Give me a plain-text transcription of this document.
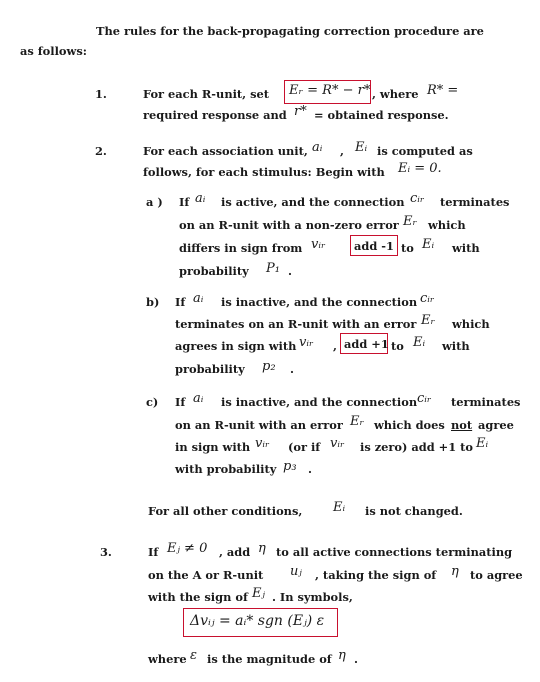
The rules for the back-propagating correction procedure are
as follows:
1.	For each R-unit, set Eᵣ = R* − r* , where R* =
required response and r* = obtained response.
2.	For each association unit, aᵢ , Eᵢ is computed as
follows, for each stimulus: Begin with Eᵢ = 0.
a ) If aᵢ is active, and the connection cᵢᵣ terminates
on an R-unit with a non-zero error Eᵣ which
differs in sign from vᵢᵣ	add -1 to Eᵢ with
probability P₁ .
b) If aᵢ is inactive, and the connection cᵢᵣ
terminates on an R-unit with an error Eᵣ which
agrees in sign with vᵢᵣ , add +1 to Eᵢ with
probability p₂ .
c) If aᵢ is inactive, and the connection cᵢᵣ terminates
on an R-unit with an error Eᵣ which does not agree
in sign with vᵢᵣ (or if vᵢᵣ is zero) add +1 to Eᵢ
with probability p₃ .
For all other conditions, Eᵢ is not changed.
3.	If Eⱼ ≠ 0 , add η to all active connections terminating
on the A or R-unit uⱼ , taking the sign of η to agree
with the sign of Eⱼ . In symbols,
Δvᵢⱼ = aᵢ* sgn (Eⱼ) ε
where ε is the magnitude of η .
